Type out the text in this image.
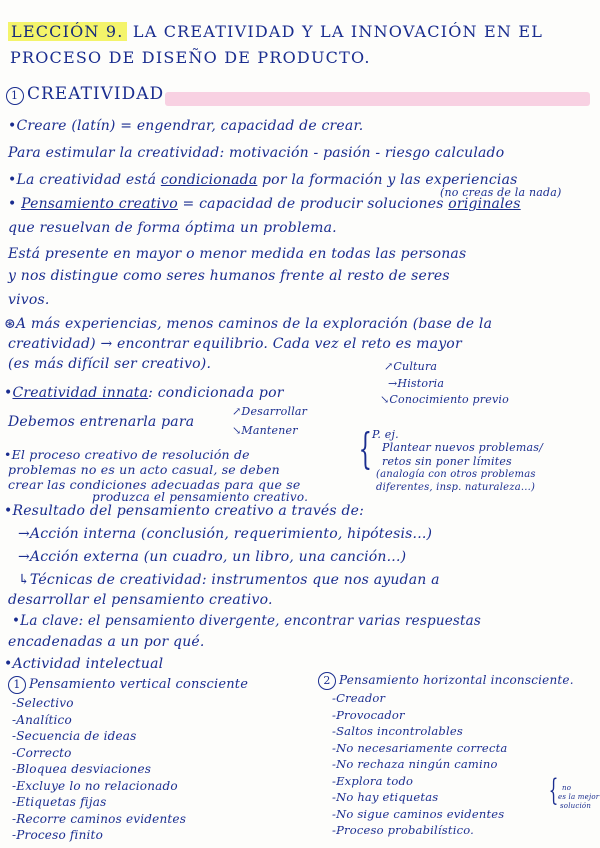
LECCIÓN 9. LA CREATIVIDAD Y LA INNOVACIÓN EN EL
PROCESO DE DISEÑO DE PRODUCTO.
1 CREATIVIDAD
•Creare (latín) = engendrar, capacidad de crear.
Para estimular la creatividad: motivación - pasión - riesgo calculado
•La creatividad está condicionada por la formación y las experiencias
(no creas de la nada)
• Pensamiento creativo = capacidad de producir soluciones originales
que resuelvan de forma óptima un problema.
Está presente en mayor o menor medida en todas las personas
y nos distingue como seres humanos frente al resto de seres
vivos.
⊛A más experiencias, menos caminos de la exploración (base de la
creatividad) → encontrar equilibrio. Cada vez el reto es mayor
(es más difícil ser creativo).	↗Cultura
→Historia
↘Conocimiento previo
•Creatividad innata: condicionada por
Debemos entrenarla para
↗Desarrollar
↘Mantener
•El proceso creativo de resolución de
problemas no es un acto casual, se deben
crear las condiciones adecuadas para que se
produzca el pensamiento creativo.
{ P. ej.
Plantear nuevos problemas/
retos sin poner límites
(analogía con otros problemas
diferentes, insp. naturaleza...)
•Resultado del pensamiento creativo a través de:
→Acción interna (conclusión, requerimiento, hipótesis...)
→Acción externa (un cuadro, un libro, una canción...)
↳Técnicas de creatividad: instrumentos que nos ayudan a
desarrollar el pensamiento creativo.
•La clave: el pensamiento divergente, encontrar varias respuestas
encadenadas a un por qué.
•Actividad intelectual
1 Pensamiento vertical consciente
-Selectivo
-Analítico
-Secuencia de ideas
-Correcto
-Bloquea desviaciones
-Excluye lo no relacionado
-Etiquetas fijas
-Recorre caminos evidentes
-Proceso finito
2 Pensamiento horizontal inconsciente.
-Creador
-Provocador
-Saltos incontrolables
-No necesariamente correcta
-No rechaza ningún camino
-Explora todo
-No hay etiquetas
-No sigue caminos evidentes
-Proceso probabilístico.
{ no
es la mejor
solución
